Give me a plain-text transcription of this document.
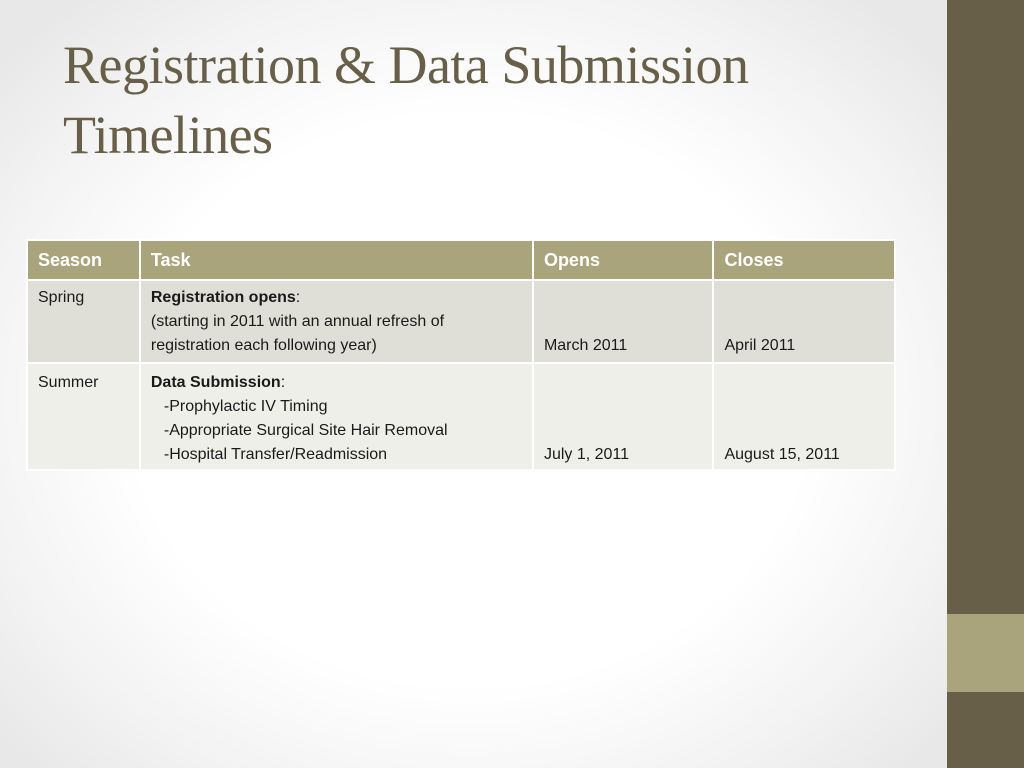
Registration & Data Submission
Timelines
Season	Task	Opens	Closes
Spring	Registration opens:
(starting in 2011 with an annual refresh of
registration each following year)	March 2011	April 2011
Summer	Data Submission:
-Prophylactic IV Timing
-Appropriate Surgical Site Hair Removal
-Hospital Transfer/Readmission	July 1, 2011	August 15, 2011
